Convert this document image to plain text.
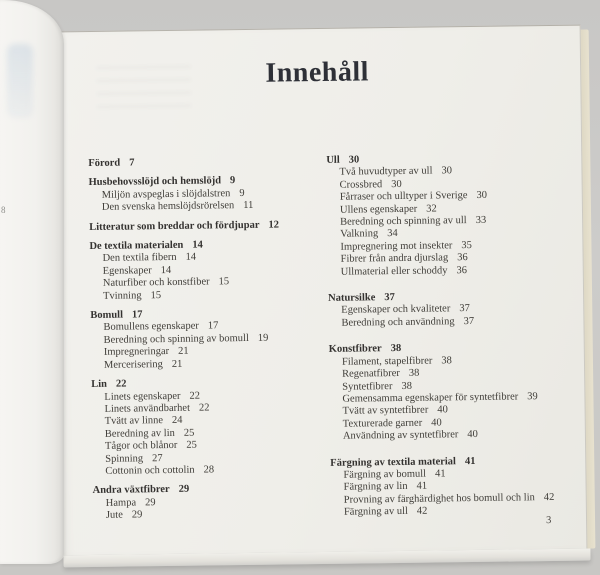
8
Innehåll
Förord 7
Husbehovsslöjd och hemslöjd 9
Miljön avspeglas i slöjdalstren 9
Den svenska hemslöjdsrörelsen 11
Litteratur som breddar och fördjupar 12
De textila materialen 14
Den textila fibern 14
Egenskaper 14
Naturfiber och konstfiber 15
Tvinning 15
Bomull 17
Bomullens egenskaper 17
Beredning och spinning av bomull 19
Impregneringar 21
Mercerisering 21
Lin 22
Linets egenskaper 22
Linets användbarhet 22
Tvätt av linne 24
Beredning av lin 25
Tågor och blånor 25
Spinning 27
Cottonin och cottolin 28
Andra växtfibrer 29
Hampa 29
Jute 29
Ull 30
Två huvudtyper av ull 30
Crossbred 30
Fårraser och ulltyper i Sverige 30
Ullens egenskaper 32
Beredning och spinning av ull 33
Valkning 34
Impregnering mot insekter 35
Fibrer från andra djurslag 36
Ullmaterial eller schoddy 36
Natursilke 37
Egenskaper och kvaliteter 37
Beredning och användning 37
Konstfibrer 38
Filament, stapelfibrer 38
Regenatfibrer 38
Syntetfibrer 38
Gemensamma egenskaper för syntetfibrer 39
Tvätt av syntetfibrer 40
Texturerade garner 40
Användning av syntetfibrer 40
Färgning av textila material 41
Färgning av bomull 41
Färgning av lin 41
Provning av färghärdighet hos bomull och lin 42
Färgning av ull 42
3
